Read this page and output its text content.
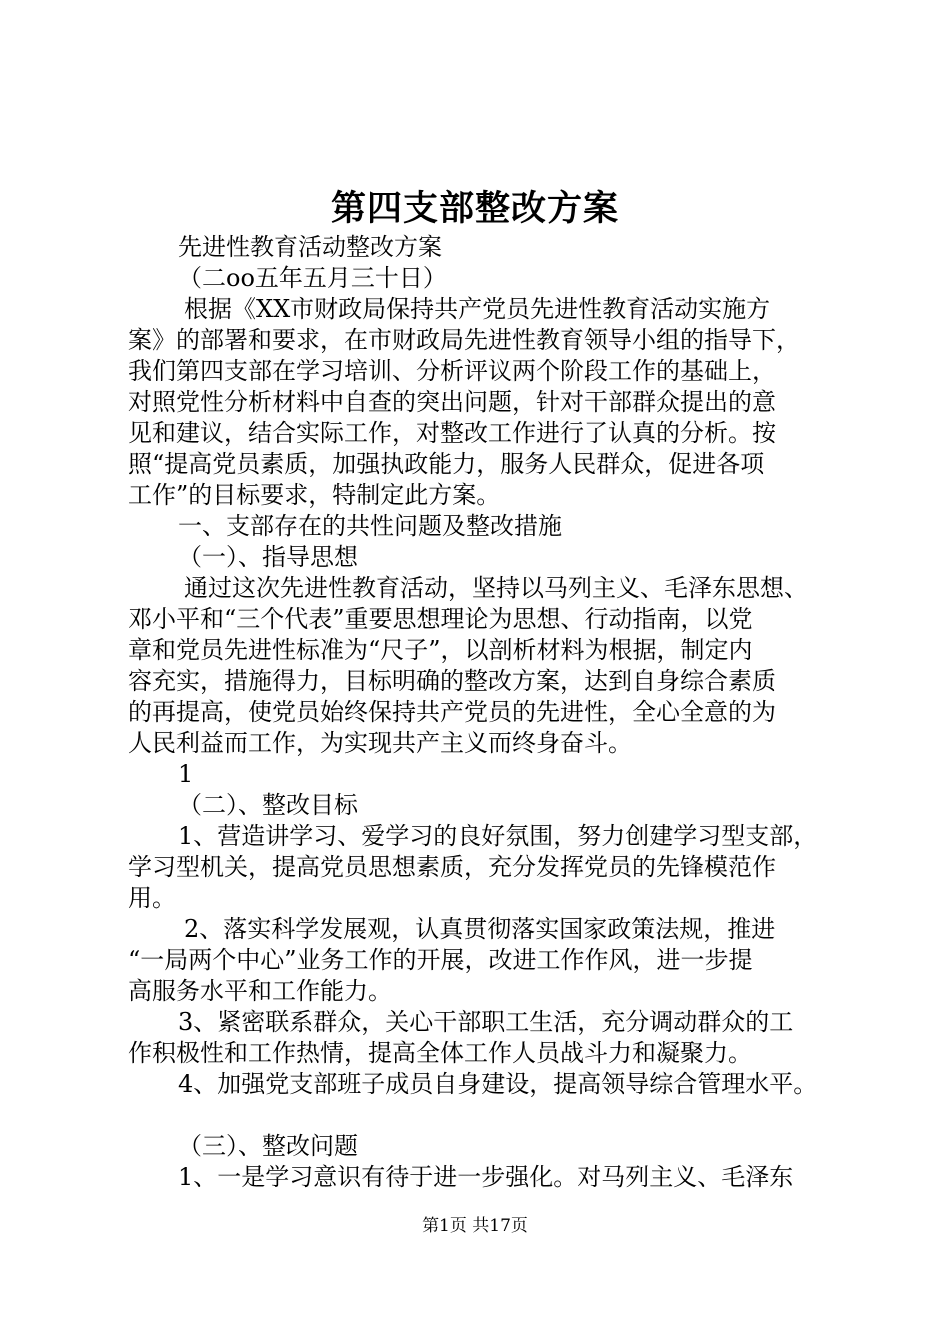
第四支部整改方案
先进性教育活动整改方案
（二oo五年五月三十日）
根据《XX市财政局保持共产党员先进性教育活动实施方
案》的部署和要求，在市财政局先进性教育领导小组的指导下，
我们第四支部在学习培训、分析评议两个阶段工作的基础上，
对照党性分析材料中自查的突出问题，针对干部群众提出的意
见和建议，结合实际工作，对整改工作进行了认真的分析。按
照“提高党员素质，加强执政能力，服务人民群众，促进各项
工作”的目标要求，特制定此方案。
一、支部存在的共性问题及整改措施
（一）、指导思想
通过这次先进性教育活动，坚持以马列主义、毛泽东思想、
邓小平和“三个代表”重要思想理论为思想、行动指南，以党
章和党员先进性标准为“尺子”，以剖析材料为根据，制定内
容充实，措施得力，目标明确的整改方案，达到自身综合素质
的再提高，使党员始终保持共产党员的先进性，全心全意的为
人民利益而工作，为实现共产主义而终身奋斗。
1
（二）、整改目标
1、营造讲学习、爱学习的良好氛围，努力创建学习型支部，
学习型机关，提高党员思想素质，充分发挥党员的先锋模范作
用。
2、落实科学发展观，认真贯彻落实国家政策法规，推进
“一局两个中心”业务工作的开展，改进工作作风，进一步提
高服务水平和工作能力。
3、紧密联系群众，关心干部职工生活，充分调动群众的工
作积极性和工作热情，提高全体工作人员战斗力和凝聚力。
4、加强党支部班子成员自身建设，提高领导综合管理水平。
（三）、整改问题
1、一是学习意识有待于进一步强化。对马列主义、毛泽东
第1页 共17页
